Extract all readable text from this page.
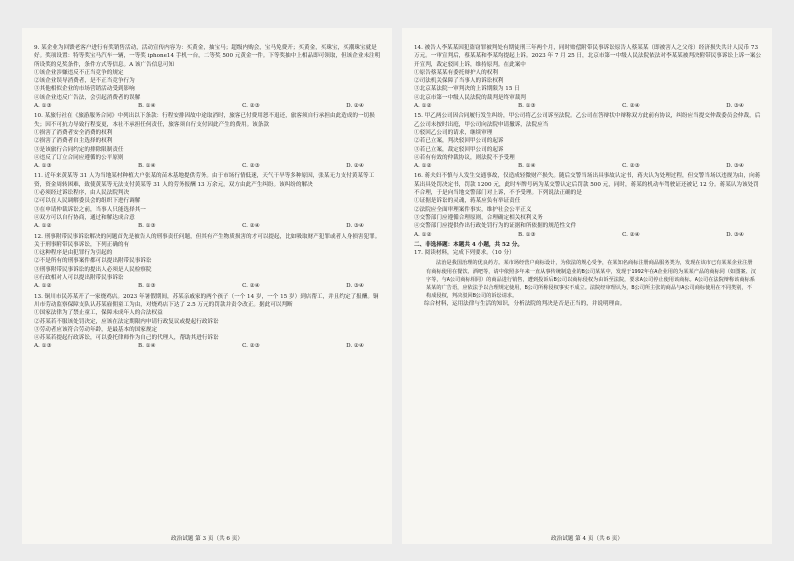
9. 某企业为回馈老客户进行有奖销售活动，活动宣传内容为：买黄金，抽宝马；超级内购会，宝马免费开；买黄金，买珠宝，买潮珠宝就是好。奖项设置：特等奖宝马汽车一辆，一等奖 iphone14 手机一台，二等奖 500 元黄金一件。下等奖抽中上相品即可领取，但该企业未注明所设奖的兑奖条件，条件方式等信息。A 该广告信息可知

①该企业涉嫌违反不正当竞争的规定

②该企业误导消费者，是不正当竞争行为

③其他相似企业的市场营销活动受到影响

④该企业违反广告法，会引起消费者的误解

A. ①③	B. ①④	C. ②③	D. ②④

10. 某旅行社在《旅游服务合同》中列出以下条款：行程安排因故中途取消时，旅客已付费用恕不退还，旅客须自行承担由此造成的一切损失；因不可抗力导致行程变更，本社不承担任何责任，旅客须自行支付因此产生的费用。该条款

①损害了消费者安全消费的权利

②损害了消费者自主选择的权利

③是该旅行合同约定的排除限制责任

④违反了订立合同应遵循的公平原则

A. ①③	B. ①④	C. ②③	D. ②④

11. 近年来黄某等 31 人为当地某村种植大户张某的苗木基地提供劳务。由于市场行情低迷，天气干旱等多种原因，张某无力支付黄某等工资，资金周转困难，致使黄某等无法支付黄某等 31 人的劳务报酬 13 万余元，双方由此产生纠纷。该纠纷的解决

①必须经过诉讼程序，由人民法院判决

②可以在人民调解委员会的组织下进行调解

③在申请仲裁诉讼之前，当事人只能选择其一

④双方可以自行协商，通过和解达成合意

A. ①②	B. ①③	C. ②④	D. ③④

12. 刑事附带民事诉讼解决的问题首先是被告人的刑事责任问题，但其有产生物质损害的才可以提起，比如吸取财产犯罪或者人身损害犯罪。关于刑事附带民事诉讼，下列正确的有

①这种程序是由犯罪行为引起的

②不是所有的刑事案件都可以提出附带民事诉讼

③刑事附带民事诉讼的提出人必须是人民检察院

④行政相对人可以提出附带民事诉讼

A. ①②	B. ①③	C. ②④	D. ③④

13. 铜川市民苏某开了一家烧鸡店。2023 年暑假期间，苏某亲戚家的两个孩子（一个 14 岁，一个 15 岁）到店帮工，并且约定了报酬。铜川市劳动监察保障支队认苏某雇佣童工为由，对烧鸡店下达了 2.5 万元的罚款并责令改正。据此可以判断

①国家法律为了禁止童工，保障未成年人的合法权益

②苏某若不服该处罚决定，应该在法定期限内申请行政复议或提起行政诉讼

③劳动者应该符合劳动年龄，是最基本的国家规定

④苏某若提起行政诉讼，可以委托律师作为自己的代理人，帮助其进行诉讼

A. ①③	B. ①④	C. ②③	D. ②④
政治试题 第 3 页（共 6 页）

14. 被告人李某某因犯盗窃罪被判处有期徒刑三年两个月，同时赔偿附带民事诉讼原告人蔡某某（即被害人之父母）经济损失共计人民币 73 万元。一审宣判后，蔡某某和李某均提起上诉。2023 年 7 月 25 日，北京市第一中级人民法院依法对李某某被判决附带民事诉讼上诉一案公开宣判，裁定驳回上诉，维持原判。在此案中

①原告蔡某某有委托辩护人的权利

②司法机关保障了当事人的诉讼权利

③北京某法院一审判决的上诉期限为 15 日

④北京市第一中级人民法院的裁判是终审裁判

A. ①②	B. ①③	C. ②④	D. ③④

15. 甲乙两公司因合同履行发生纠纷，甲公司将乙公司诉至法院。乙公司在答辩状中辩称双方此前有协议，纠纷应当提交仲裁委员会仲裁，后乙公司未按时出庭，甲公司向法院申请撤诉，法院应当

①驳回乙公司的请求，继续审理

②若已立案，判决驳回甲公司的起诉

③若已立案，裁定驳回甲公司的起诉

④若有有效的仲裁协议，则法院不予受理

A. ①②	B. ①④	C. ②③	D. ③④

16. 蒋夫妇不慎与人发生交通事故，仅造成轻微财产损失。随后交警当场出具事故认定书，蒋夫认为处理过程，但交警当场以违规为由，向蒋某出具处罚决定书，罚款 1200 元，此时车牌号码为某交警认定后罚款 500 元，同时，蒋某的机动车驾驶证还被记 12 分。蒋某认为该处罚不合理，于是向当地交警部门对上诉，不予受理。下列说法正确的是

①证据是诉讼的灵魂，蒋某应负有举证责任

②法院应全面审理案件事实，维护社会公平正义

③交警部门应遵循合理原则，合理确定相关权利义务

④交警部门应提供作出行政处罚行为的证据和所依据的规范性文件

A. ①②	B. ①③	C. ②④	D. ③④
二、非选择题：本题共 4 小题，共 52 分。

17. 阅读材料，完成下列要求。（10 分）

法治是我国治理的优良药方。某市场经营户商标设计，为依法的规心受争，在某知名商标注册商品服务类为，发现在该市已有某某企业注册有商标使用在餐饮、酒吧等，请中依照多年来一直从事传统制造业的B公司某某中，发现于1992年在A企业用的为某某产品的商标同（如图案、汉字等，与A公司商标相同）的商品进行销售，遭到投诉后B公司以商标侵权为由诉至法院，要求A公司停止使用该商标。A公司在法院辩称该商标系某某的广告语，应依法予以合理规定使用，B公司所称侵权事实不成立。法院经审理认为，B公司所主张的商品与A公司商标使用在不同类别，不构成侵权，判决驳回B公司的诉讼请求。

综合材料，运用法律与生活的知识，分析法院的判决是否是正当的，并说明理由。

政治试题 第 4 页（共 6 页）
